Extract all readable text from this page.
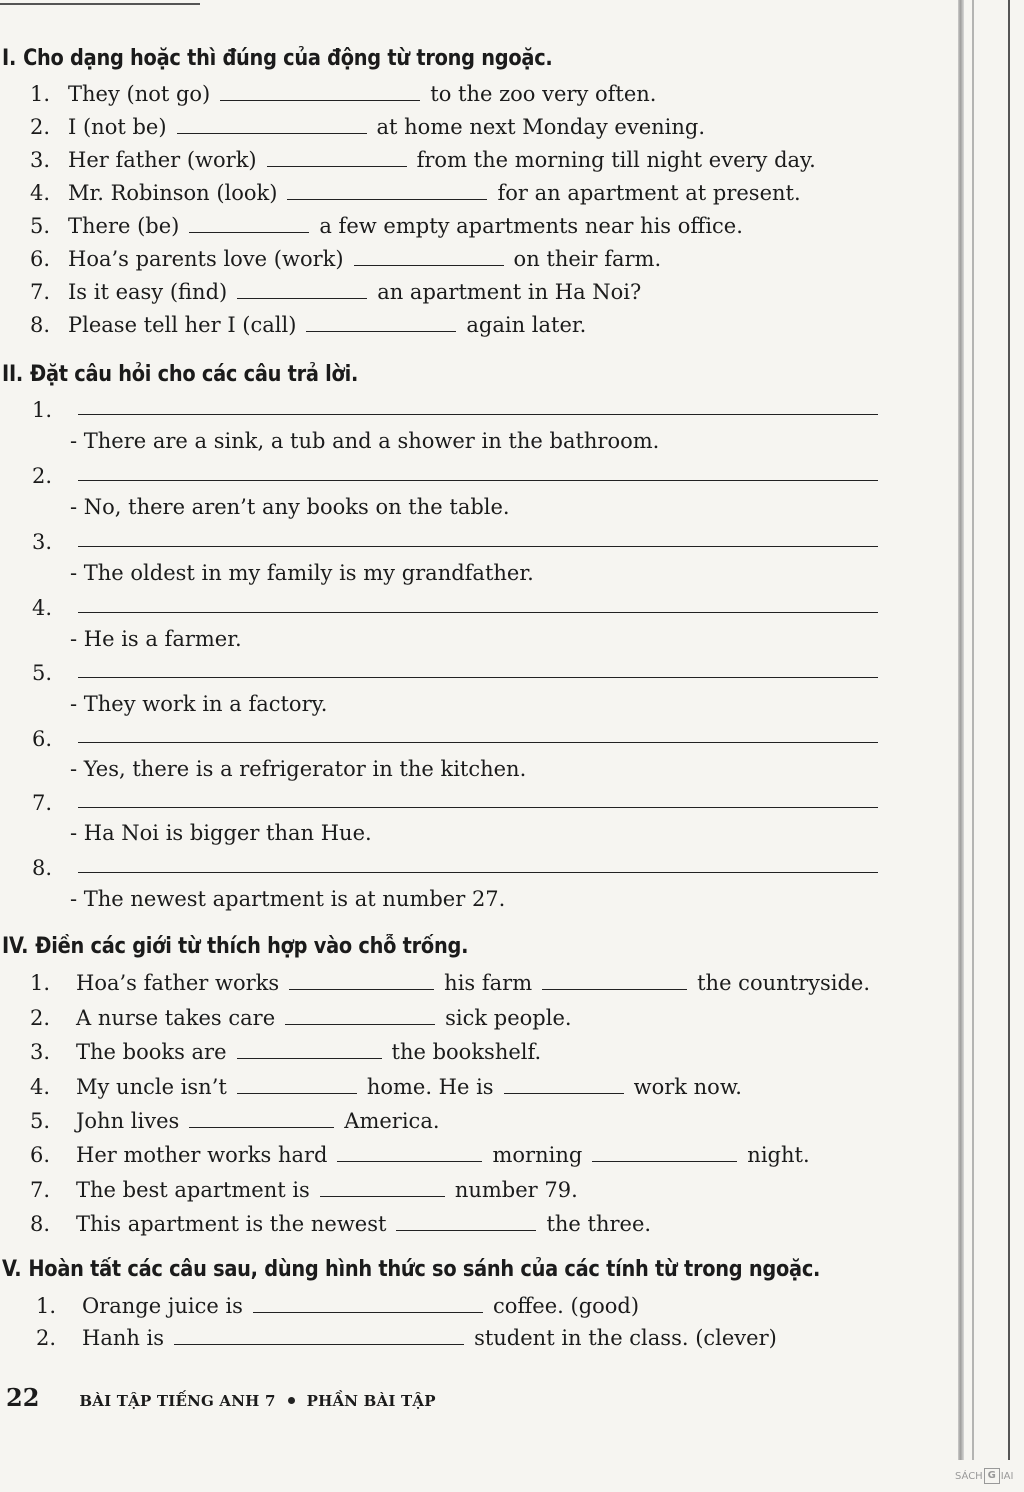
I. Cho dạng hoặc thì đúng của động từ trong ngoặc.
1. They (not go)	to the zoo very often.
2. I (not be)	at home next Monday evening.
3. Her father (work)	from the morning till night every day.
4. Mr. Robinson (look)	for an apartment at present.
5. There (be)	a few empty apartments near his office.
6. Hoa’s parents love (work)	on their farm.
7. Is it easy (find)	an apartment in Ha Noi?
8. Please tell her I (call)	again later.
II. Đặt câu hỏi cho các câu trả lời.
1.
- There are a sink, a tub and a shower in the bathroom.
2.
- No, there aren’t any books on the table.
3.
- The oldest in my family is my grandfather.
4.
- He is a farmer.
5.
- They work in a factory.
6.
- Yes, there is a refrigerator in the kitchen.
7.
- Ha Noi is bigger than Hue.
8.
- The newest apartment is at number 27.
IV. Điền các giới từ thích hợp vào chỗ trống.
1.	Hoa’s father works	his farm	the countryside.
2.	A nurse takes care	sick people.
3.	The books are	the bookshelf.
4.	My uncle isn’t	home. He is	work now.
5.	John lives	America.
6.	Her mother works hard	morning	night.
7.	The best apartment is	number 79.
8.	This apartment is the newest	the three.
V. Hoàn tất các câu sau, dùng hình thức so sánh của các tính từ trong ngoặc.
1.	Orange juice is	coffee. (good)
2.	Hanh is	student in the class. (clever)
22	BÀI TẬP TIẾNG ANH 7 PHẦN BÀI TẬP
SÁCH G IAI
